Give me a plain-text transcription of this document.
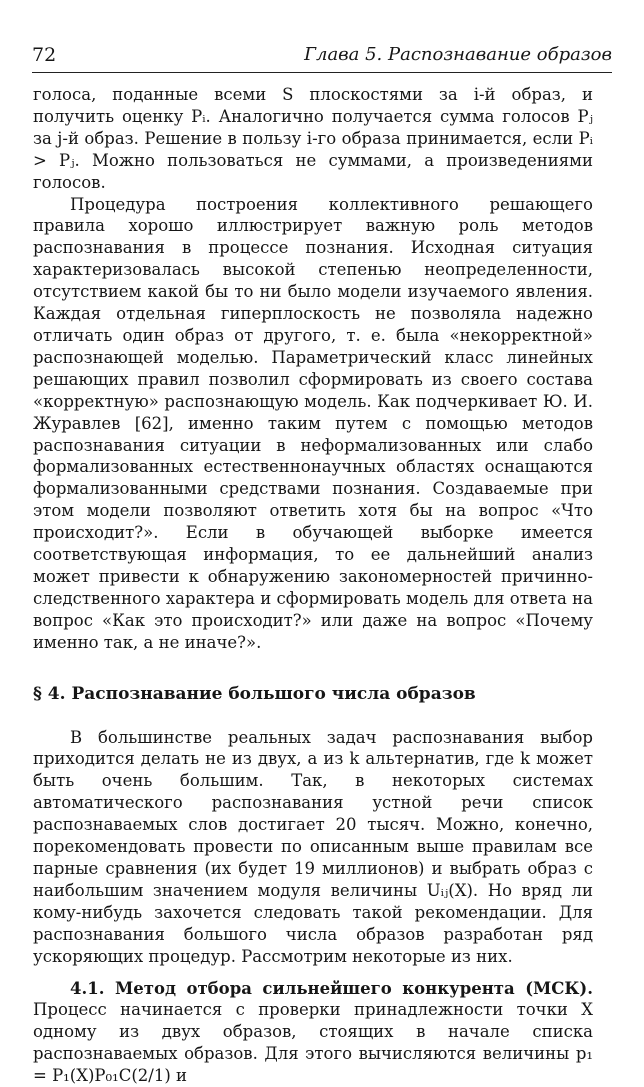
72	Глава 5. Распознавание образов

голоса, поданные всеми S плоскостями за i-й образ, и получить оценку Pᵢ. Аналогично получается сумма голосов Pⱼ за j-й образ. Решение в пользу i-го образа принимается, если Pᵢ > Pⱼ. Можно пользоваться не суммами, а произведениями голосов.

Процедура построения коллективного решающего правила хорошо иллюстрирует важную роль методов распознавания в процессе познания. Исходная ситуация характеризовалась высокой степенью неопределенности, отсутствием какой бы то ни было модели изучаемого явления. Каждая отдельная гиперплоскость не позволяла надежно отличать один образ от другого, т. е. была «некорректной» распознающей моделью. Параметрический класс линейных решающих правил позволил сформировать из своего состава «корректную» распознающую модель. Как подчеркивает Ю. И. Журавлев [62], именно таким путем с помощью методов распознавания ситуации в неформализованных или слабо формализованных естественнонаучных областях оснащаются формализованными средствами познания. Создаваемые при этом модели позволяют ответить хотя бы на вопрос «Что происходит?». Если в обучающей выборке имеется соответствующая информация, то ее дальнейший анализ может привести к обнаружению закономерностей причинно-следственного характера и сформировать модель для ответа на вопрос «Как это происходит?» или даже на вопрос «Почему именно так, а не иначе?».

§ 4. Распознавание большого числа образов

В большинстве реальных задач распознавания выбор приходится делать не из двух, а из k альтернатив, где k может быть очень большим. Так, в некоторых системах автоматического распознавания устной речи список распознаваемых слов достигает 20 тысяч. Можно, конечно, порекомендовать провести по описанным выше правилам все парные сравнения (их будет 19 миллионов) и выбрать образ с наибольшим значением модуля величины Uᵢⱼ(X). Но вряд ли кому-нибудь захочется следовать такой рекомендации. Для распознавания большого числа образов разработан ряд ускоряющих процедур. Рассмотрим некоторые из них.

4.1. Метод отбора сильнейшего конкурента (МСК). Процесс начинается с проверки принадлежности точки X одному из двух образов, стоящих в начале списка распознаваемых образов. Для этого вычисляются величины p₁ = P₁(X)P₀₁C(2/1) и
